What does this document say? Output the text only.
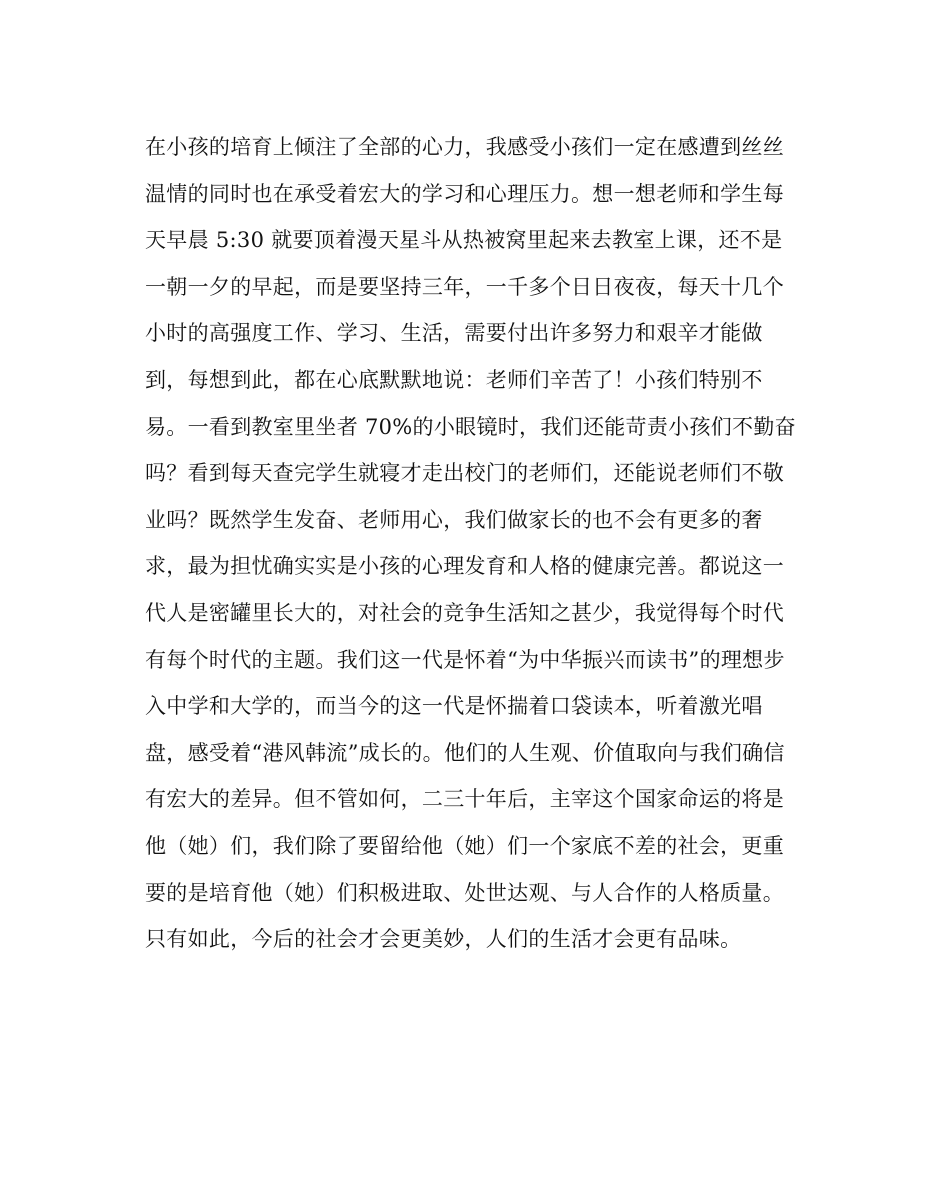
在小孩的培育上倾注了全部的心力，我感受小孩们一定在感遭到丝丝
温情的同时也在承受着宏大的学习和心理压力。想一想老师和学生每
天早晨 5:30 就要顶着漫天星斗从热被窝里起来去教室上课，还不是
一朝一夕的早起，而是要坚持三年，一千多个日日夜夜，每天十几个
小时的高强度工作、学习、生活，需要付出许多努力和艰辛才能做
到，每想到此，都在心底默默地说：老师们辛苦了！小孩们特别不
易。一看到教室里坐者 70%的小眼镜时，我们还能苛责小孩们不勤奋
吗？看到每天查完学生就寝才走出校门的老师们，还能说老师们不敬
业吗？既然学生发奋、老师用心，我们做家长的也不会有更多的奢
求，最为担忧确实实是小孩的心理发育和人格的健康完善。都说这一
代人是密罐里长大的，对社会的竞争生活知之甚少，我觉得每个时代
有每个时代的主题。我们这一代是怀着“为中华振兴而读书”的理想步
入中学和大学的，而当今的这一代是怀揣着口袋读本，听着激光唱
盘，感受着“港风韩流”成长的。他们的人生观、价值取向与我们确信
有宏大的差异。但不管如何，二三十年后，主宰这个国家命运的将是
他（她）们，我们除了要留给他（她）们一个家底不差的社会，更重
要的是培育他（她）们积极进取、处世达观、与人合作的人格质量。
只有如此，今后的社会才会更美妙，人们的生活才会更有品味。
